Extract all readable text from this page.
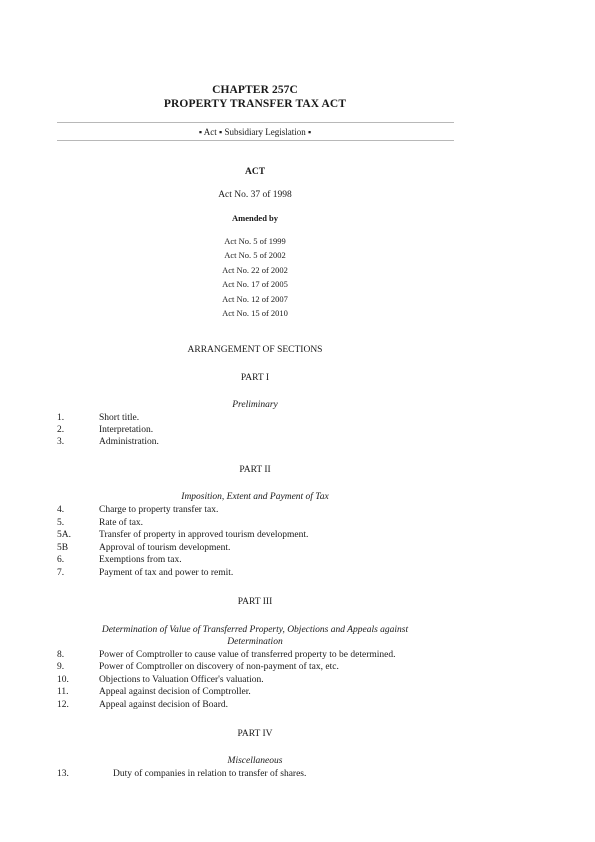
CHAPTER 257C
PROPERTY TRANSFER TAX ACT
▪ Act ▪ Subsidiary Legislation ▪
ACT
Act No. 37 of 1998
Amended by
Act No. 5 of 1999
Act No. 5 of 2002
Act No. 22 of 2002
Act No. 17 of 2005
Act No. 12 of 2007
Act No. 15 of 2010
ARRANGEMENT OF SECTIONS
PART I
Preliminary
1.	Short title.
2.	Interpretation.
3.	Administration.
PART II
Imposition, Extent and Payment of Tax
4.	Charge to property transfer tax.
5.	Rate of tax.
5A.	Transfer of property in approved tourism development.
5B	Approval of tourism development.
6.	Exemptions from tax.
7.	Payment of tax and power to remit.
PART III
Determination of Value of Transferred Property, Objections and Appeals against
Determination
8.	Power of Comptroller to cause value of transferred property to be determined.
9.	Power of Comptroller on discovery of non-payment of tax, etc.
10.	Objections to Valuation Officer's valuation.
11.	Appeal against decision of Comptroller.
12.	Appeal against decision of Board.
PART IV
Miscellaneous
13.	Duty of companies in relation to transfer of shares.
